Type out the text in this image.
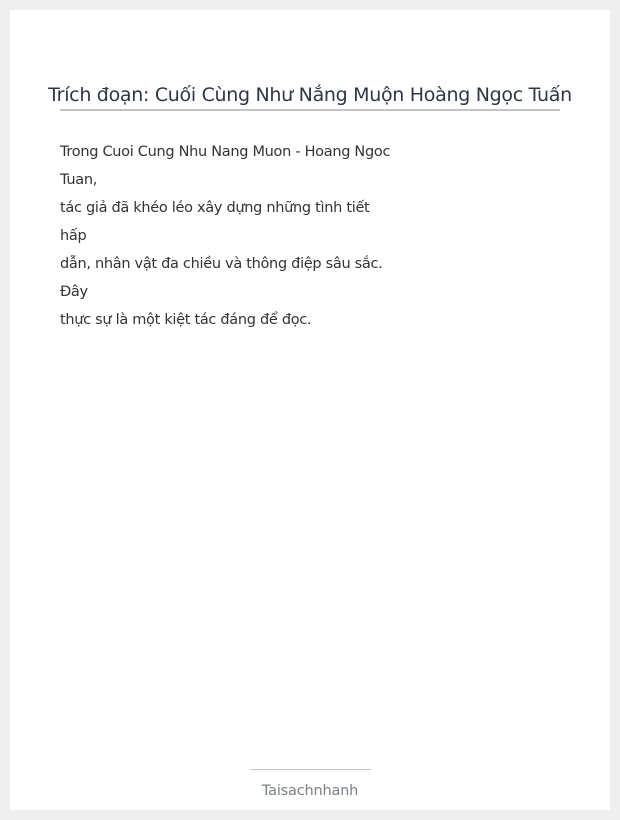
Trích đoạn: Cuối Cùng Như Nắng Muộn Hoàng Ngọc Tuấn
Trong Cuoi Cung Nhu Nang Muon - Hoang Ngoc
Tuan,
tác giả đã khéo léo xây dựng những tình tiết
hấp
dẫn, nhân vật đa chiều và thông điệp sâu sắc.
Đây
thực sự là một kiệt tác đáng để đọc.
Taisachnhanh
